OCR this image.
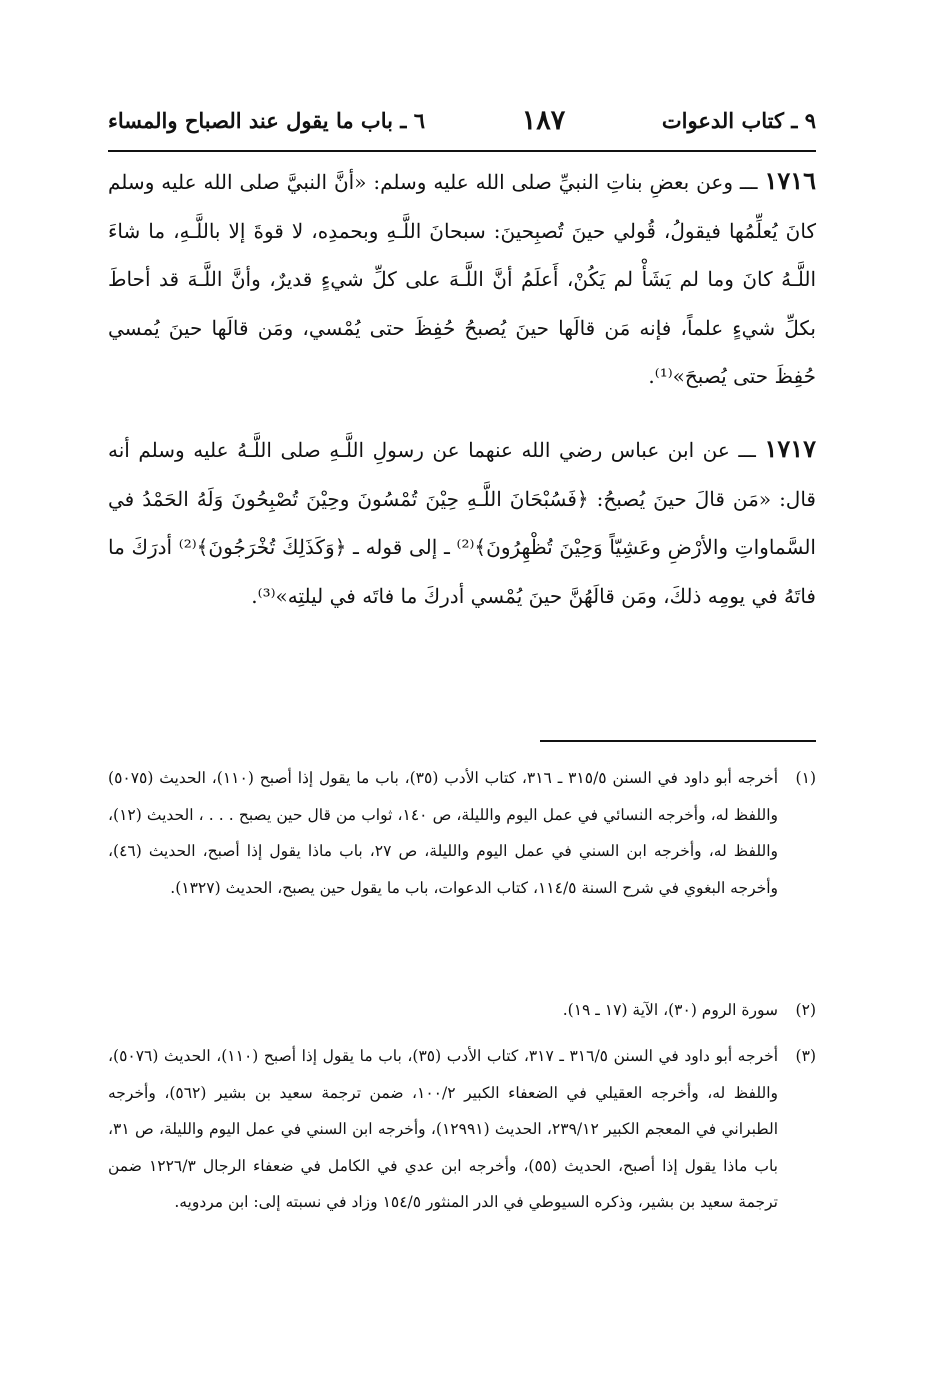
٩ ـ كتاب الدعوات
١٨٧
٦ ـ باب ما يقول عند الصباح والمساء
١٧١٦ ـــ وعن بعضِ بناتِ النبيِّ صلى الله عليه وسلم: «أنَّ النبيَّ صلى الله عليه وسلم كانَ يُعلِّمُها فيقولُ، قُولي حينَ تُصبِحينَ: سبحانَ اللَّـهِ وبحمدِه، لا قوةَ إلا باللَّـهِ، ما شاءَ اللَّـهُ كانَ وما لم يَشَأْ لم يَكُنْ، أَعلَمُ أنَّ اللَّـهَ على كلِّ شيءٍ قديرٌ، وأنَّ اللَّـهَ قد أحاطَ بكلِّ شيءٍ علماً، فإنه مَن قالَها حينَ يُصبحُ حُفِظَ حتى يُمْسي، ومَن قالَها حينَ يُمسي حُفِظَ حتى يُصبحَ»⁽¹⁾.
١٧١٧ ـــ عن ابن عباس رضي الله عنهما عن رسولِ اللَّـهِ صلى اللَّـهُ عليه وسلم أنه قال: «مَن قالَ حينَ يُصبحُ: ﴿فَسُبْحَانَ اللَّـهِ حِيْنَ تُمْسُونَ وحِيْنَ تُصْبِحُونَ وَلَهُ الحَمْدُ في السَّماواتِ والأرْضِ وعَشِيّاً وَحِيْنَ تُظْهِرُونَ﴾⁽²⁾ ـ إلى قوله ـ ﴿وَكَذَلِكَ تُخْرَجُونَ﴾⁽²⁾ أدرَكَ ما فاتَهُ في يومِه ذلكَ، ومَن قالَهُنَّ حينَ يُمْسي أدركَ ما فاتَه في ليلتِه»⁽³⁾.
(١)
أخرجه أبو داود في السنن ٣١٥/٥ ـ ٣١٦، كتاب الأدب (٣٥)، باب ما يقول إذا أصبح (١١٠)، الحديث (٥٠٧٥) واللفظ له، وأخرجه النسائي في عمل اليوم والليلة، ص ١٤٠، ثواب من قال حين يصبح . . . ، الحديث (١٢)، واللفظ له، وأخرجه ابن السني في عمل اليوم والليلة، ص ٢٧، باب ماذا يقول إذا أصبح، الحديث (٤٦)، وأخرجه البغوي في شرح السنة ١١٤/٥، كتاب الدعوات، باب ما يقول حين يصبح، الحديث (١٣٢٧).
(٢)
سورة الروم (٣٠)، الآية (١٧ ـ ١٩).
(٣)
أخرجه أبو داود في السنن ٣١٦/٥ ـ ٣١٧، كتاب الأدب (٣٥)، باب ما يقول إذا أصبح (١١٠)، الحديث (٥٠٧٦)، واللفظ له، وأخرجه العقيلي في الضعفاء الكبير ١٠٠/٢، ضمن ترجمة سعيد بن بشير (٥٦٢)، وأخرجه الطبراني في المعجم الكبير ٢٣٩/١٢، الحديث (١٢٩٩١)، وأخرجه ابن السني في عمل اليوم والليلة، ص ٣١، باب ماذا يقول إذا أصبح، الحديث (٥٥)، وأخرجه ابن عدي في الكامل في ضعفاء الرجال ١٢٢٦/٣ ضمن ترجمة سعيد بن بشير، وذكره السيوطي في الدر المنثور ١٥٤/٥ وزاد في نسبته إلى: ابن مردويه.
